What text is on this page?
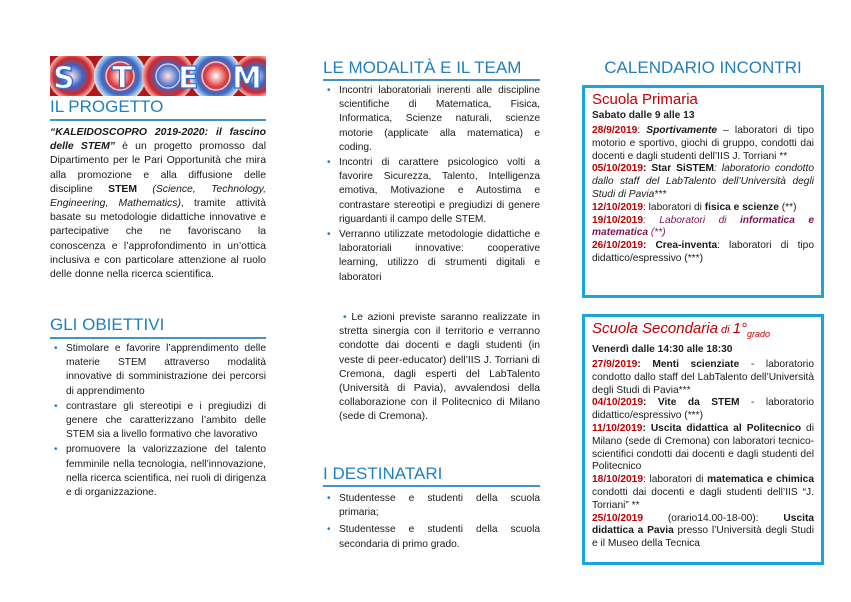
S T E M
IL PROGETTO
“KALEIDOSCOPRO 2019-2020: il fascino delle STEM” è un progetto promosso dal Dipartimento per le Pari Opportunità che mira alla promozione e alla diffusione delle discipline STEM (Science, Technology, Engineering, Mathematics), tramite attività basate su metodologie didattiche innovative e partecipative che ne favoriscano la conoscenza e l’approfondimento in un’ottica inclusiva e con particolare attenzione al ruolo delle donne nella ricerca scientifica.
GLI OBIETTIVI
• Stimolare e favorire l’apprendimento delle materie STEM attraverso modalità innovative di somministrazione dei percorsi di apprendimento
• contrastare gli stereotipi e i pregiudizi di genere che caratterizzano l’ambito delle STEM sia a livello formativo che lavorativo
• promuovere la valorizzazione del talento femminile nella tecnologia, nell’innovazione, nella ricerca scientifica, nei ruoli di dirigenza e di organizzazione.
LE MODALITÀ E IL TEAM
• Incontri laboratoriali inerenti alle discipline scientifiche di Matematica, Fisica, Informatica, Scienze naturali, scienze motorie (applicate alla matematica) e coding.
• Incontri di carattere psicologico volti a favorire Sicurezza, Talento, Intelligenza emotiva, Motivazione e Autostima e contrastare stereotipi e pregiudizi di genere riguardanti il campo delle STEM.
• Verranno utilizzate metodologie didattiche e laboratoriali innovative: cooperative learning, utilizzo di strumenti digitali e laboratori
• Le azioni previste saranno realizzate in stretta sinergia con il territorio e verranno condotte dai docenti e dagli studenti (in veste di peer-educator) dell’IIS J. Torriani di Cremona, dagli esperti del LabTalento (Università di Pavia), avvalendosi della collaborazione con il Politecnico di Milano (sede di Cremona).
I DESTINATARI
• Studentesse e studenti della scuola primaria;
• Studentesse e studenti della scuola secondaria di primo grado.
CALENDARIO INCONTRI
Scuola Primaria
Sabato dalle 9 alle 13
28/9/2019: Sportivamente – laboratori di tipo motorio e sportivo, giochi di gruppo, condotti dai docenti e dagli studenti dell’IIS J. Torriani **
05/10/2019: Star SiSTEM: laboratorio condotto dallo staff del LabTalento dell’Università degli Studi di Pavia***
12/10/2019: laboratori di fisica e scienze (**)
19/10/2019: Laboratori di informatica e matematica (**)
26/10/2019: Crea-inventa: laboratori di tipo didattico/espressivo (***)
Scuola Secondaria di $1^\circ_{grado}$
Venerdì dalle 14:30 alle 18:30
27/9/2019: Menti scienziate - laboratorio condotto dallo staff del LabTalento dell’Università degli Studi di Pavia***
04/10/2019: Vite da STEM - laboratorio didattico/espressivo (***)
11/10/2019: Uscita didattica al Politecnico di Milano (sede di Cremona) con laboratori tecnico-scientifici condotti dai docenti e dagli studenti del Politecnico
18/10/2019: laboratori di matematica e chimica condotti dai docenti e dagli studenti dell’IIS “J. Torriani” **
25/10/2019 (orario14.00-18-00): Uscita didattica a Pavia presso l’Università degli Studi e il Museo della Tecnica
